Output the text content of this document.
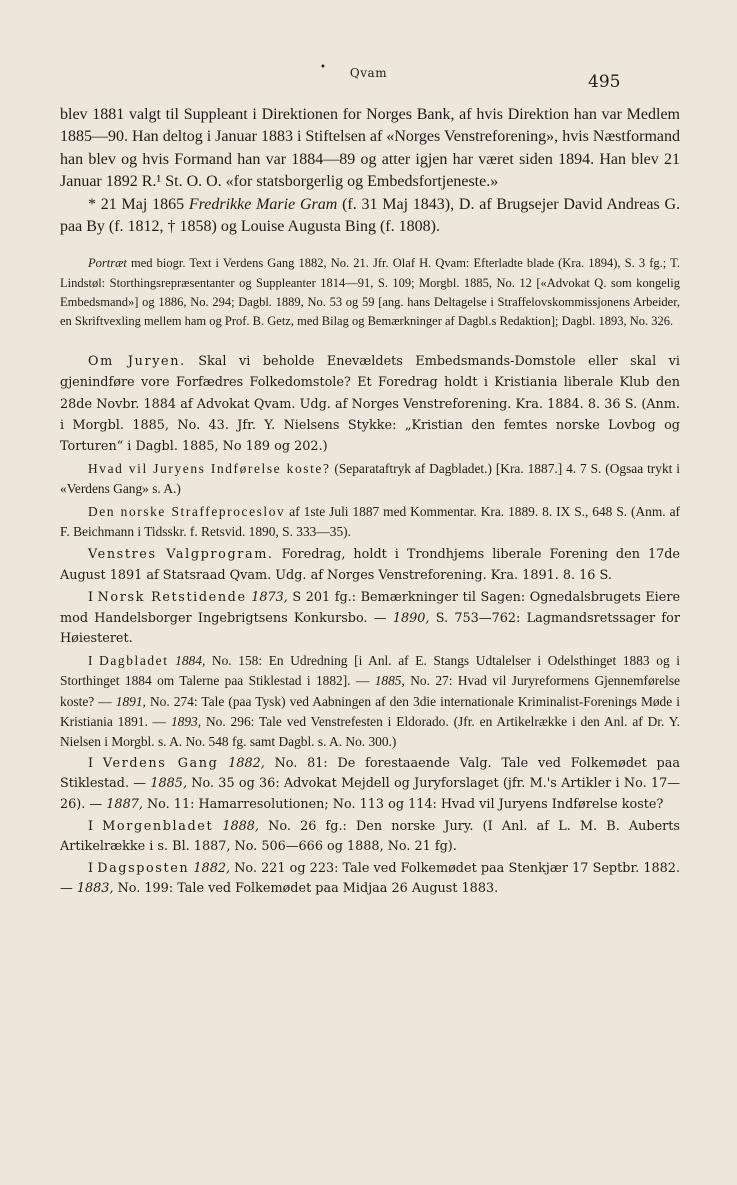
•	Qvam	495

blev 1881 valgt til Suppleant i Direktionen for Norges Bank, af hvis Direktion han var Medlem 1885—90. Han deltog i Januar 1883 i Stiftelsen af «Norges Venstreforening», hvis Næstformand han blev og hvis Formand han var 1884—89 og atter igjen har været siden 1894. Han blev 21 Januar 1892 R.¹ St. O. O. «for statsborgerlig og Embedsfortjeneste.»

* 21 Maj 1865 Fredrikke Marie Gram (f. 31 Maj 1843), D. af Brugsejer David Andreas G. paa By (f. 1812, † 1858) og Louise Augusta Bing (f. 1808).

Portræt med biogr. Text i Verdens Gang 1882, No. 21. Jfr. Olaf H. Qvam: Efterladte blade (Kra. 1894), S. 3 fg.; T. Lindstøl: Storthingsrepræsentanter og Suppleanter 1814—91, S. 109; Morgbl. 1885, No. 12 [«Advokat Q. som kongelig Embedsmand»] og 1886, No. 294; Dagbl. 1889, No. 53 og 59 [ang. hans Deltagelse i Straffelovskommissjonens Arbeider, en Skriftvexling mellem ham og Prof. B. Getz, med Bilag og Bemærkninger af Dagbl.s Redaktion]; Dagbl. 1893, No. 326.

Om Juryen. Skal vi beholde Enevældets Embedsmands-Domstole eller skal vi gjenindføre vore Forfædres Folkedomstole? Et Foredrag holdt i Kristiania liberale Klub den 28de Novbr. 1884 af Advokat Qvam. Udg. af Norges Venstreforening. Kra. 1884. 8. 36 S. (Anm. i Morgbl. 1885, No. 43. Jfr. Y. Nielsens Stykke: „Kristian den femtes norske Lovbog og Torturen“ i Dagbl. 1885, No 189 og 202.)

Hvad vil Juryens Indførelse koste? (Separataftryk af Dagbladet.) [Kra. 1887.] 4. 7 S. (Ogsaa trykt i «Verdens Gang» s. A.)

Den norske Straffeproceslov af 1ste Juli 1887 med Kommentar. Kra. 1889. 8. IX S., 648 S. (Anm. af F. Beichmann i Tidsskr. f. Retsvid. 1890, S. 333—35).

Venstres Valgprogram. Foredrag, holdt i Trondhjems liberale Forening den 17de August 1891 af Statsraad Qvam. Udg. af Norges Venstreforening. Kra. 1891. 8. 16 S.

I Norsk Retstidende 1873, S 201 fg.: Bemærkninger til Sagen: Ognedalsbrugets Eiere mod Handelsborger Ingebrigtsens Konkursbo. — 1890, S. 753—762: Lagmandsretssager for Høiesteret.

I Dagbladet 1884, No. 158: En Udredning [i Anl. af E. Stangs Udtalelser i Odelsthinget 1883 og i Storthinget 1884 om Talerne paa Stiklestad i 1882]. — 1885, No. 27: Hvad vil Juryreformens Gjennemførelse koste? — 1891, No. 274: Tale (paa Tysk) ved Aabningen af den 3die internationale Kriminalist-Forenings Møde i Kristiania 1891. — 1893, No. 296: Tale ved Venstrefesten i Eldorado. (Jfr. en Artikelrække i den Anl. af Dr. Y. Nielsen i Morgbl. s. A. No. 548 fg. samt Dagbl. s. A. No. 300.)

I Verdens Gang 1882, No. 81: De forestaaende Valg. Tale ved Folkemødet paa Stiklestad. — 1885, No. 35 og 36: Advokat Mejdell og Juryforslaget (jfr. M.'s Artikler i No. 17—26). — 1887, No. 11: Hamarresolutionen; No. 113 og 114: Hvad vil Juryens Indførelse koste?

I Morgenbladet 1888, No. 26 fg.: Den norske Jury. (I Anl. af L. M. B. Auberts Artikelrække i s. Bl. 1887, No. 506—666 og 1888, No. 21 fg).

I Dagsposten 1882, No. 221 og 223: Tale ved Folkemødet paa Stenkjær 17 Septbr. 1882. — 1883, No. 199: Tale ved Folkemødet paa Midjaa 26 August 1883.
